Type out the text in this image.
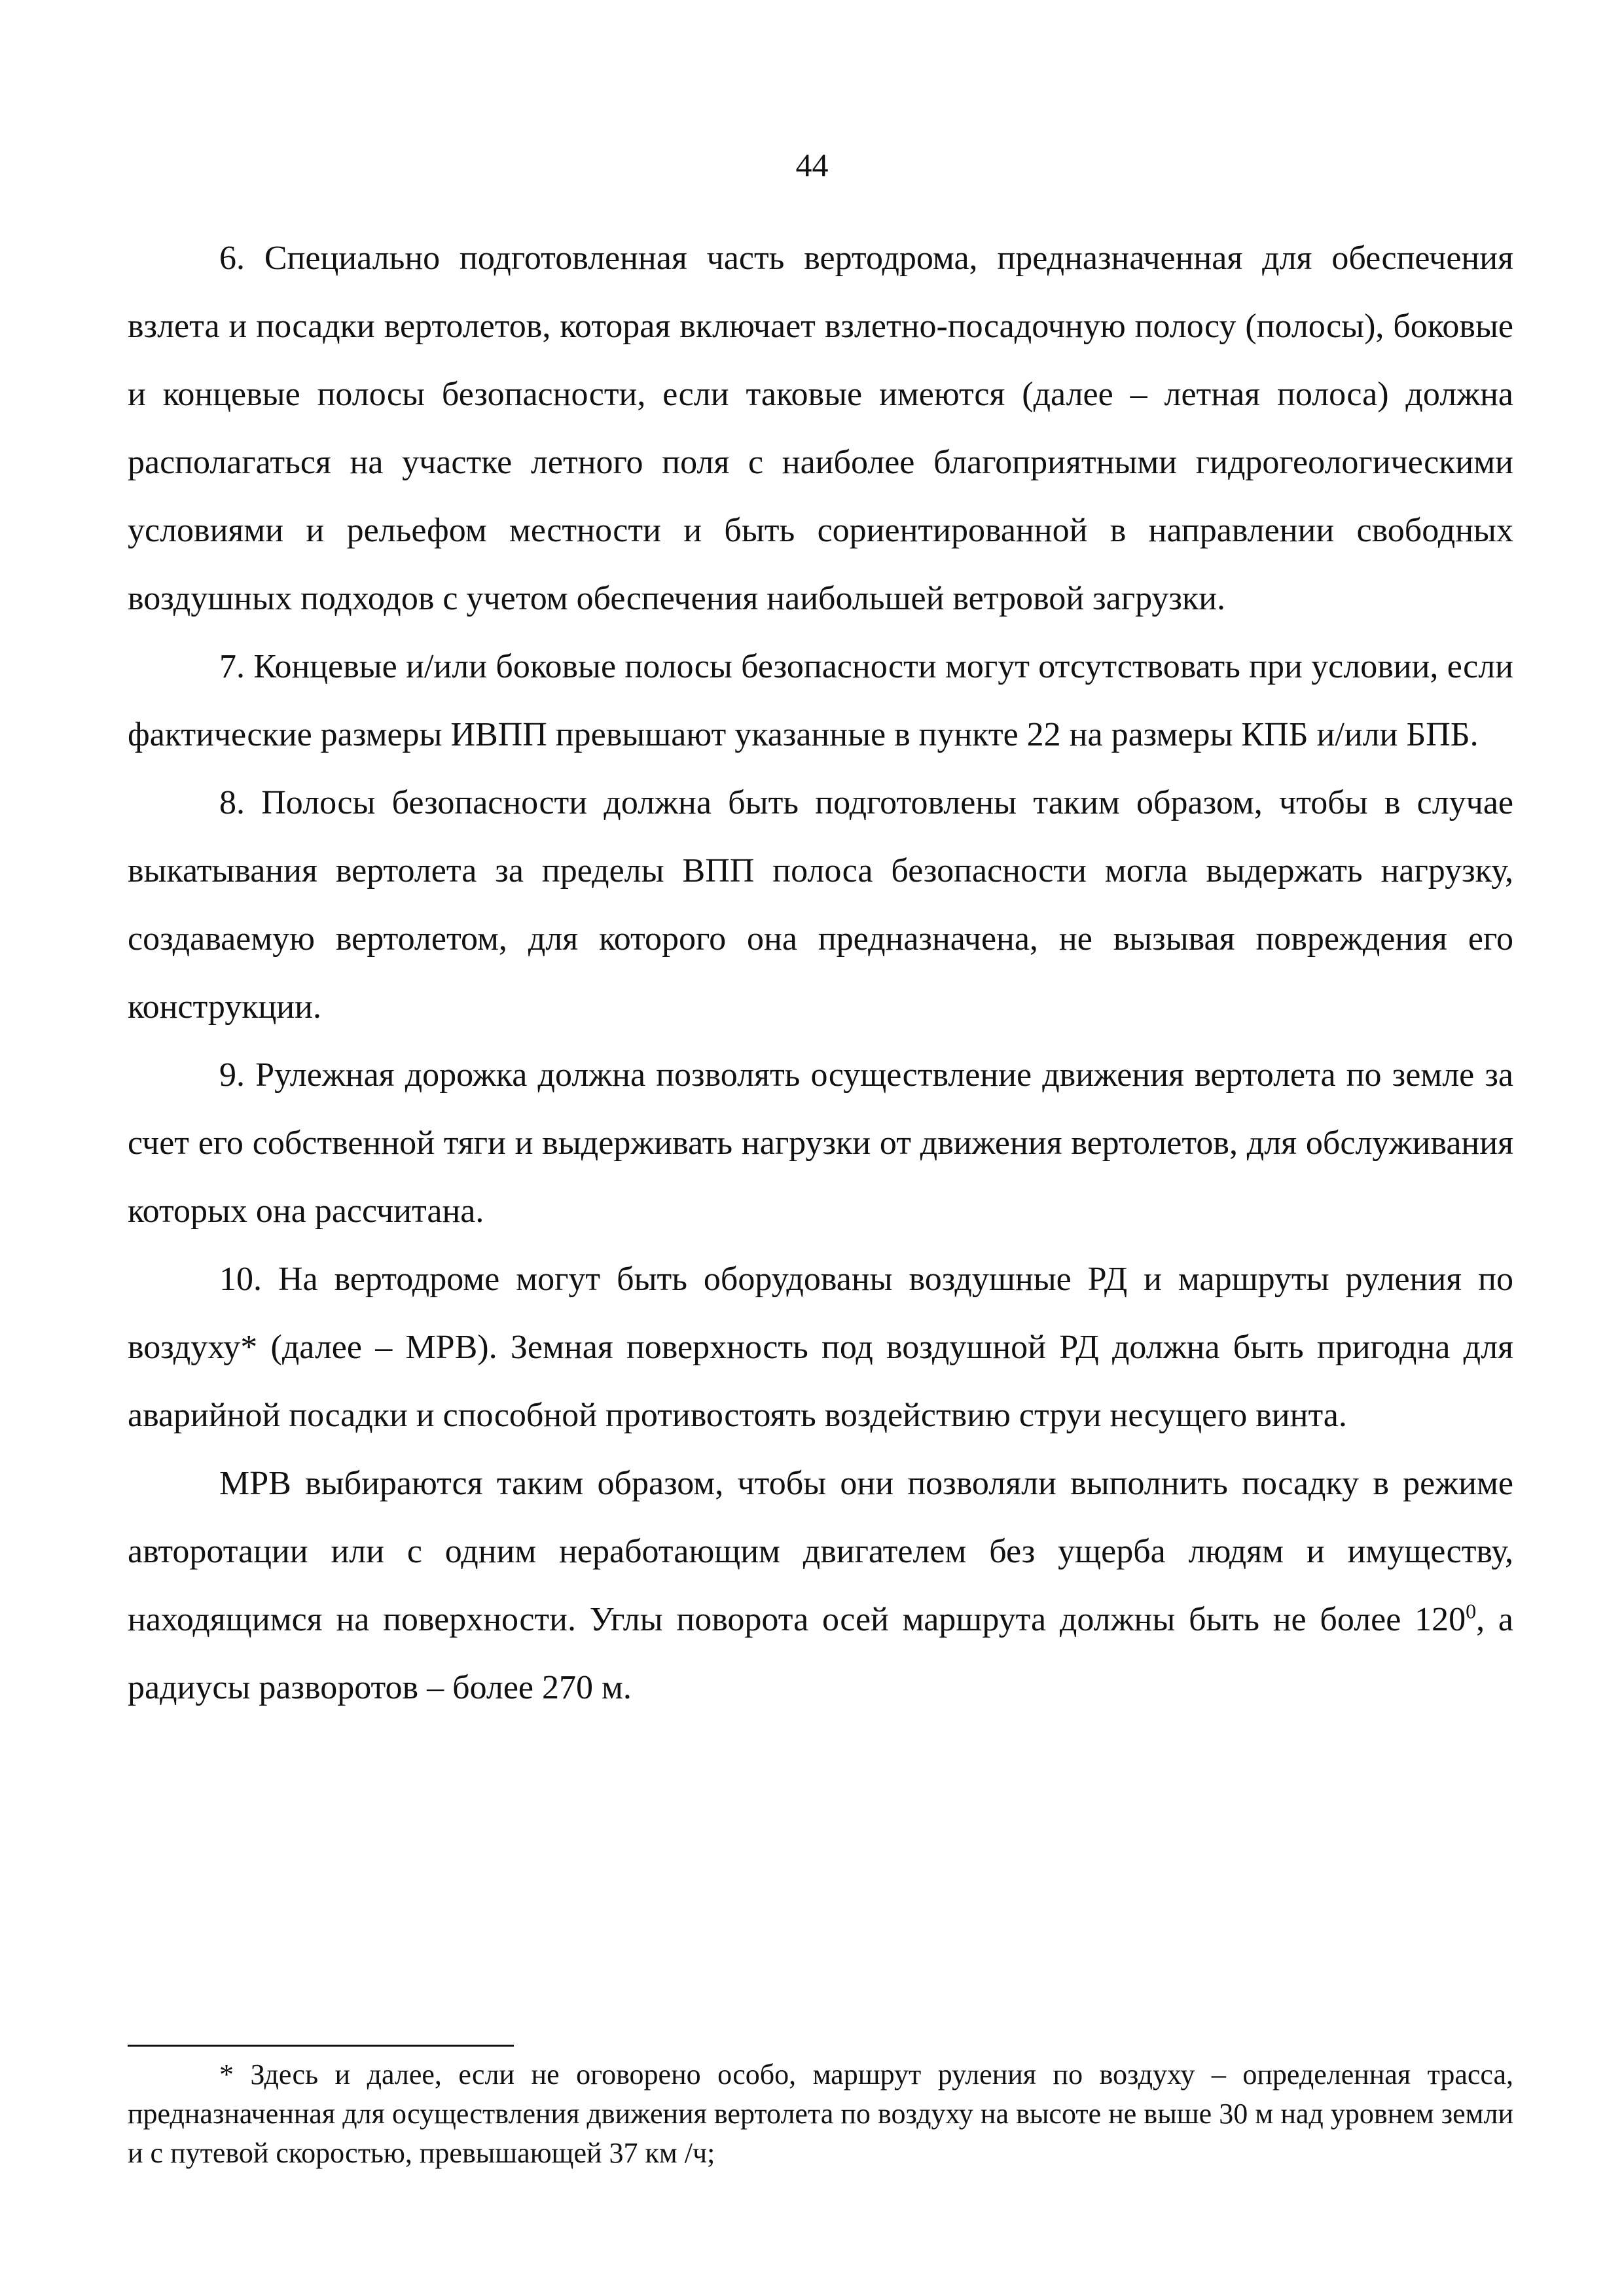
44

6. Специально подготовленная часть вертодрома, предназначенная для обеспечения взлета и посадки вертолетов, которая включает взлетно-посадочную полосу (полосы), боковые и концевые полосы безопасности, если таковые имеются (далее – летная полоса) должна располагаться на участке летного поля с наиболее благоприятными гидрогеологическими условиями и рельефом местности и быть сориентированной в направлении свободных воздушных подходов с учетом обеспечения наибольшей ветровой загрузки.

7. Концевые и/или боковые полосы безопасности могут отсутствовать при условии, если фактические размеры ИВПП превышают указанные в пункте 22 на размеры КПБ и/или БПБ.

8. Полосы безопасности должна быть подготовлены таким образом, чтобы в случае выкатывания вертолета за пределы ВПП полоса безопасности могла выдержать нагрузку, создаваемую вертолетом, для которого она предназначена, не вызывая повреждения его конструкции.

9. Рулежная дорожка должна позволять осуществление движения вертолета по земле за счет его собственной тяги и выдерживать нагрузки от движения вертолетов, для обслуживания которых она рассчитана.

10. На вертодроме могут быть оборудованы воздушные РД и маршруты руления по воздуху* (далее – МРВ). Земная поверхность под воздушной РД должна быть пригодна для аварийной посадки и способной противостоять воздействию струи несущего винта.

МРВ выбираются таким образом, чтобы они позволяли выполнить посадку в режиме авторотации или с одним неработающим двигателем без ущерба людям и имуществу, находящимся на поверхности. Углы поворота осей маршрута должны быть не более $120^0$, а радиусы разворотов – более 270 м.

* Здесь и далее, если не оговорено особо, маршрут руления по воздуху – определенная трасса, предназначенная для осуществления движения вертолета по воздуху на высоте не выше 30 м над уровнем земли и с путевой скоростью, превышающей 37 км /ч;
